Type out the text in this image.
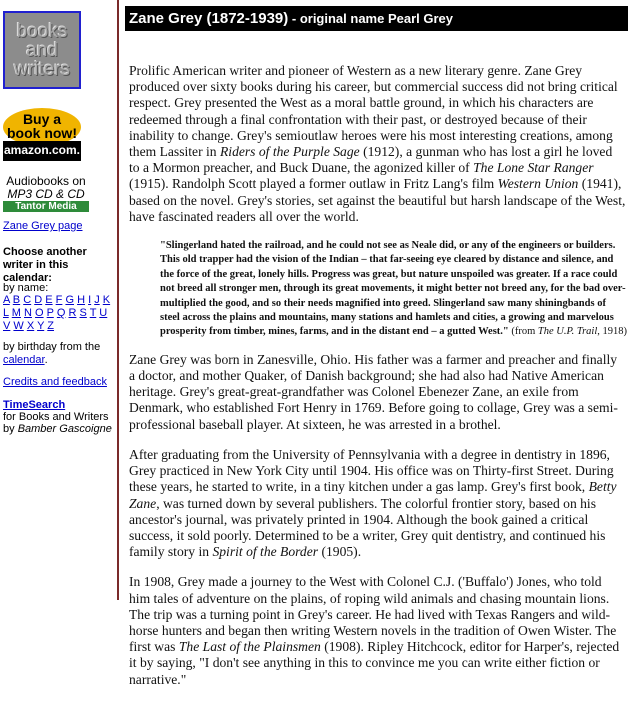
books
and
writers
Buy a
book now!
amazon.com.
Audiobooks on
MP3 CD & CD
Tantor Media
Zane Grey page
Choose another writer in this calendar:
by name:
A B C D E F G H I J K L M N O P Q R S T U V W X Y Z
by birthday from the
calendar.
Credits and feedback
TimeSearch
for Books and Writers
by Bamber Gascoigne
Zane Grey (1872-1939) - original name Pearl Grey

Prolific American writer and pioneer of Western as a new literary genre. Zane Grey produced over sixty books during his career, but commercial success did not bring critical respect. Grey presented the West as a moral battle ground, in which his characters are redeemed through a final confrontation with their past, or destroyed because of their inability to change. Grey's semioutlaw heroes were his most interesting creations, among them Lassiter in Riders of the Purple Sage (1912), a gunman who has lost a girl he loved to a Mormon preacher, and Buck Duane, the agonized killer of The Lone Star Ranger (1915). Randolph Scott played a former outlaw in Fritz Lang's film Western Union (1941), based on the novel. Grey's stories, set against the beautiful but harsh landscape of the West, have fascinated readers all over the world.

"Slingerland hated the railroad, and he could not see as Neale did, or any of the engineers or builders. This old trapper had the vision of the Indian – that far-seeing eye cleared by distance and silence, and the force of the great, lonely hills. Progress was great, but nature unspoiled was greater. If a race could not breed all stronger men, through its great movements, it might better not breed any, for the bad over-multiplied the good, and so their needs magnified into greed. Slingerland saw many shiningbands of steel across the plains and mountains, many stations and hamlets and cities, a growing and marvelous prosperity from timber, mines, farms, and in the distant end – a gutted West." (from The U.P. Trail, 1918)

Zane Grey was born in Zanesville, Ohio. His father was a farmer and preacher and finally a doctor, and mother Quaker, of Danish background; she had also had Native American heritage. Grey's great-great-grandfather was Colonel Ebenezer Zane, an exile from Denmark, who established Fort Henry in 1769. Before going to collage, Grey was a semi-professional baseball player. At sixteen, he was arrested in a brothel.

After graduating from the University of Pennsylvania with a degree in dentistry in 1896, Grey practiced in New York City until 1904. His office was on Thirty-first Street. During these years, he started to write, in a tiny kitchen under a gas lamp. Grey's first book, Betty Zane, was turned down by several publishers. The colorful frontier story, based on his ancestor's journal, was privately printed in 1904. Although the book gained a critical success, it sold poorly. Determined to be a writer, Grey quit dentistry, and continued his family story in Spirit of the Border (1905).

In 1908, Grey made a journey to the West with Colonel C.J. ('Buffalo') Jones, who told him tales of adventure on the plains, of roping wild animals and chasing mountain lions. The trip was a turning point in Grey's career. He had lived with Texas Rangers and wild-horse hunters and began then writing Western novels in the tradition of Owen Wister. The first was The Last of the Plainsmen (1908). Ripley Hitchcock, editor for Harper's, rejected it by saying, "I don't see anything in this to convince me you can write either fiction or narrative."
